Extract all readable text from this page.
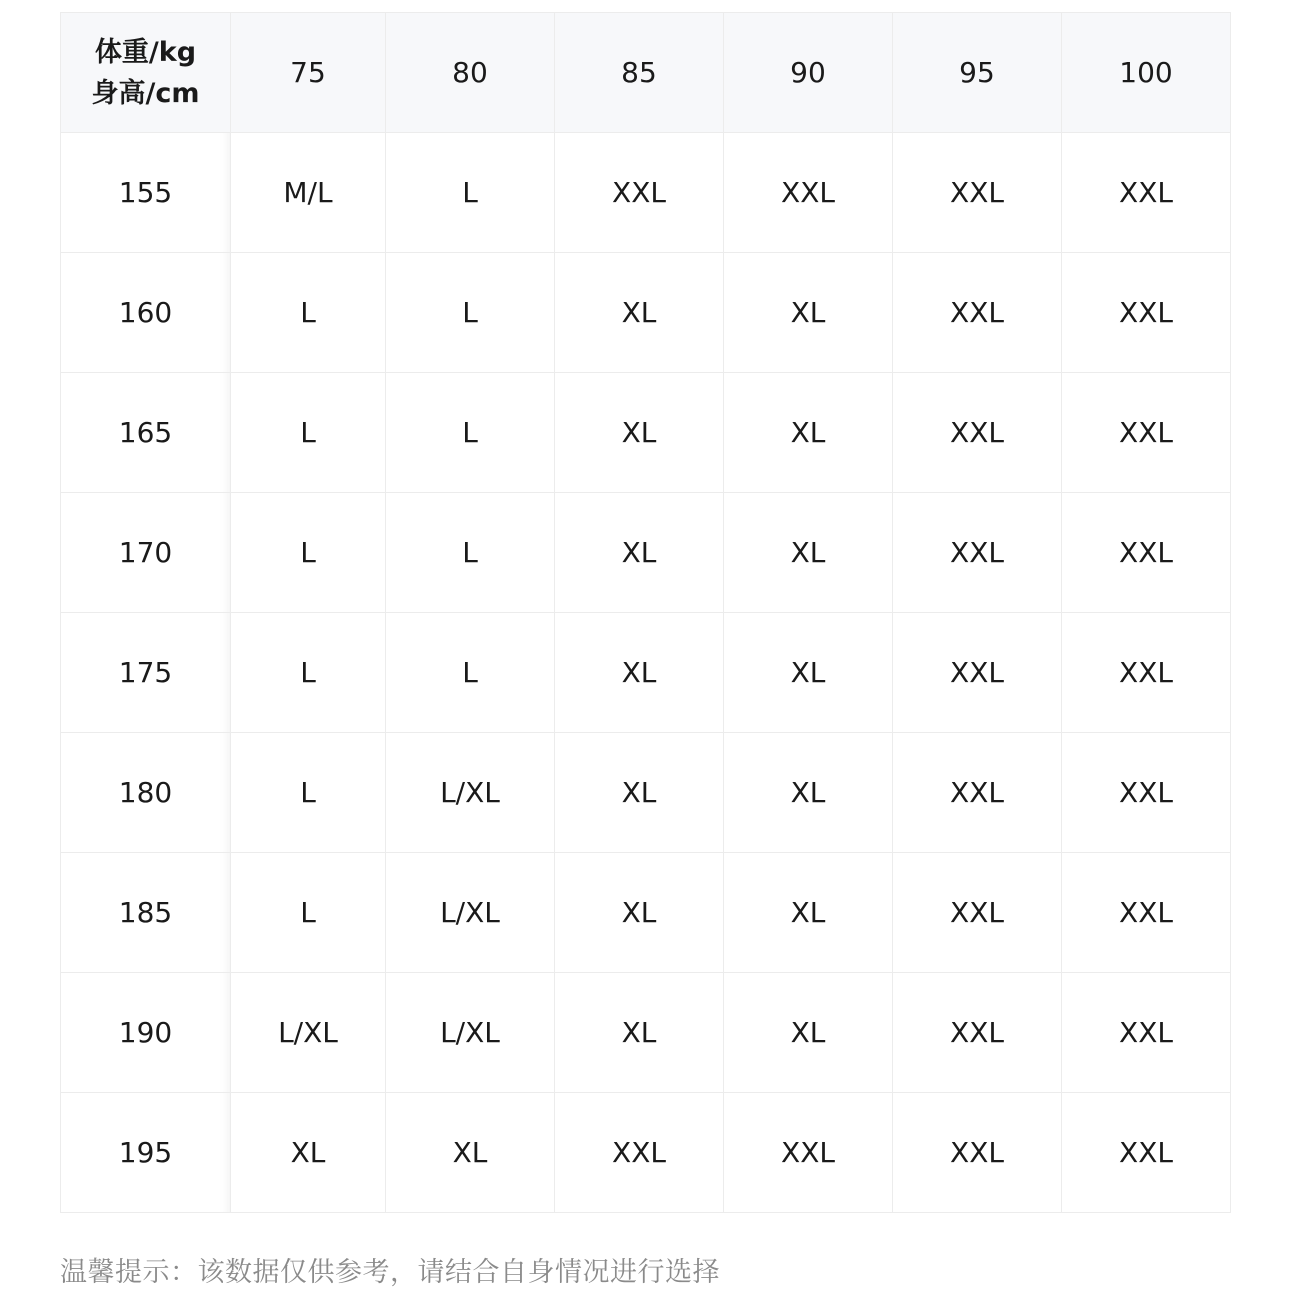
体重/kg
身高/cm	75	80	85	90	95	100
155	M/L	L	XXL	XXL	XXL	XXL
160	L	L	XL	XL	XXL	XXL
165	L	L	XL	XL	XXL	XXL
170	L	L	XL	XL	XXL	XXL
175	L	L	XL	XL	XXL	XXL
180	L	L/XL	XL	XL	XXL	XXL
185	L	L/XL	XL	XL	XXL	XXL
190	L/XL	L/XL	XL	XL	XXL	XXL
195	XL	XL	XXL	XXL	XXL	XXL
温馨提示：该数据仅供参考，请结合自身情况进行选择
